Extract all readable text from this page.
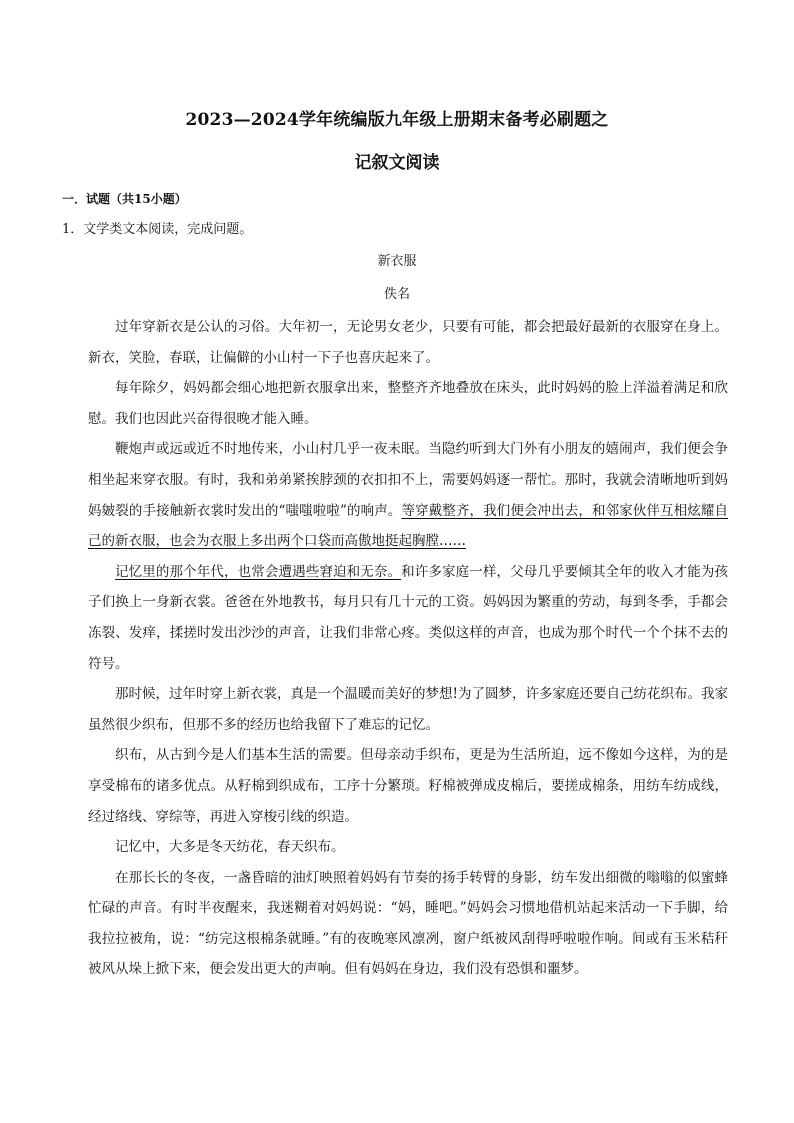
2023—2024学年统编版九年级上册期末备考必刷题之
记叙文阅读
一．试题（共15小题）
1．文学类文本阅读，完成问题。
新衣服
佚名

过年穿新衣是公认的习俗。大年初一，无论男女老少，只要有可能，都会把最好最新的衣服穿在身上。新衣，笑脸，春联，让偏僻的小山村一下子也喜庆起来了。

每年除夕，妈妈都会细心地把新衣服拿出来，整整齐齐地叠放在床头，此时妈妈的脸上洋溢着满足和欣慰。我们也因此兴奋得很晚才能入睡。

鞭炮声或远或近不时地传来，小山村几乎一夜未眠。当隐约听到大门外有小朋友的嬉闹声，我们便会争相坐起来穿衣服。有时，我和弟弟紧挨脖颈的衣扣扣不上，需要妈妈逐一帮忙。那时，我就会清晰地听到妈妈皴裂的手接触新衣裳时发出的“嗤嗤啦啦”的响声。等穿戴整齐，我们便会冲出去，和邻家伙伴互相炫耀自己的新衣服，也会为衣服上多出两个口袋而高傲地挺起胸膛……

记忆里的那个年代，也常会遭遇些窘迫和无奈。和许多家庭一样，父母几乎要倾其全年的收入才能为孩子们换上一身新衣裳。爸爸在外地教书，每月只有几十元的工资。妈妈因为繁重的劳动，每到冬季，手都会冻裂、发痒，揉搓时发出沙沙的声音，让我们非常心疼。类似这样的声音，也成为那个时代一个个抹不去的符号。

那时候，过年时穿上新衣裳，真是一个温暖而美好的梦想!为了圆梦，许多家庭还要自己纺花织布。我家虽然很少织布，但那不多的经历也给我留下了难忘的记忆。

织布，从古到今是人们基本生活的需要。但母亲动手织布，更是为生活所迫，远不像如今这样，为的是享受棉布的诸多优点。从籽棉到织成布，工序十分繁琐。籽棉被弹成皮棉后，要搓成棉条，用纺车纺成线，经过络线、穿综等，再进入穿梭引线的织造。

记忆中，大多是冬天纺花，春天织布。

在那长长的冬夜，一盏昏暗的油灯映照着妈妈有节奏的扬手转臂的身影，纺车发出细微的嗡嗡的似蜜蜂忙碌的声音。有时半夜醒来，我迷糊着对妈妈说：“妈，睡吧。”妈妈会习惯地借机站起来活动一下手脚，给我拉拉被角，说：“纺完这根棉条就睡。”有的夜晚寒风凛冽，窗户纸被风刮得呼啦啦作响。间或有玉米秸秆被风从垛上掀下来，便会发出更大的声响。但有妈妈在身边，我们没有恐惧和噩梦。
